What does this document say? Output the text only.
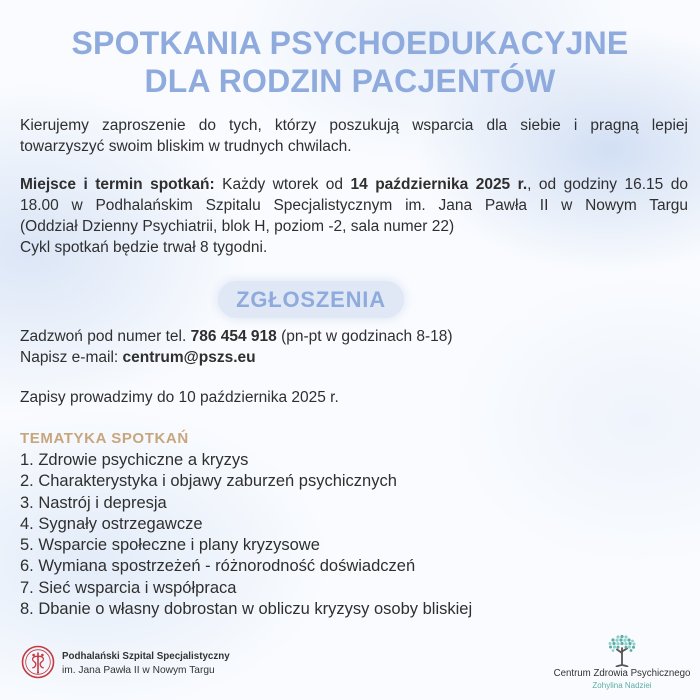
SPOTKANIA PSYCHOEDUKACYJNE
DLA RODZIN PACJENTÓW
Kierujemy zaproszenie do tych, którzy poszukują wsparcia dla siebie i pragną lepiej
towarzyszyć swoim bliskim w trudnych chwilach.
Miejsce i termin spotkań: Każdy wtorek od 14 października 2025 r., od godziny 16.15 do
18.00 w Podhalańskim Szpitalu Specjalistycznym im. Jana Pawła II w Nowym Targu
(Oddział Dzienny Psychiatrii, blok H, poziom -2, sala numer 22)
Cykl spotkań będzie trwał 8 tygodni.
ZGŁOSZENIA
Zadzwoń pod numer tel. 786 454 918 (pn-pt w godzinach 8-18)
Napisz e-mail: centrum@pszs.eu
Zapisy prowadzimy do 10 października 2025 r.
TEMATYKA SPOTKAŃ
1. Zdrowie psychiczne a kryzys
2. Charakterystyka i objawy zaburzeń psychicznych
3. Nastrój i depresja
4. Sygnały ostrzegawcze
5. Wsparcie społeczne i plany kryzysowe
6. Wymiana spostrzeżeń - różnorodność doświadczeń
7. Sieć wsparcia i współpraca
8. Dbanie o własny dobrostan w obliczu kryzysy osoby bliskiej
Podhalański Szpital Specjalistyczny
im. Jana Pawła II w Nowym Targu	Centrum Zdrowia Psychicznego
Zohylina Nadziei
